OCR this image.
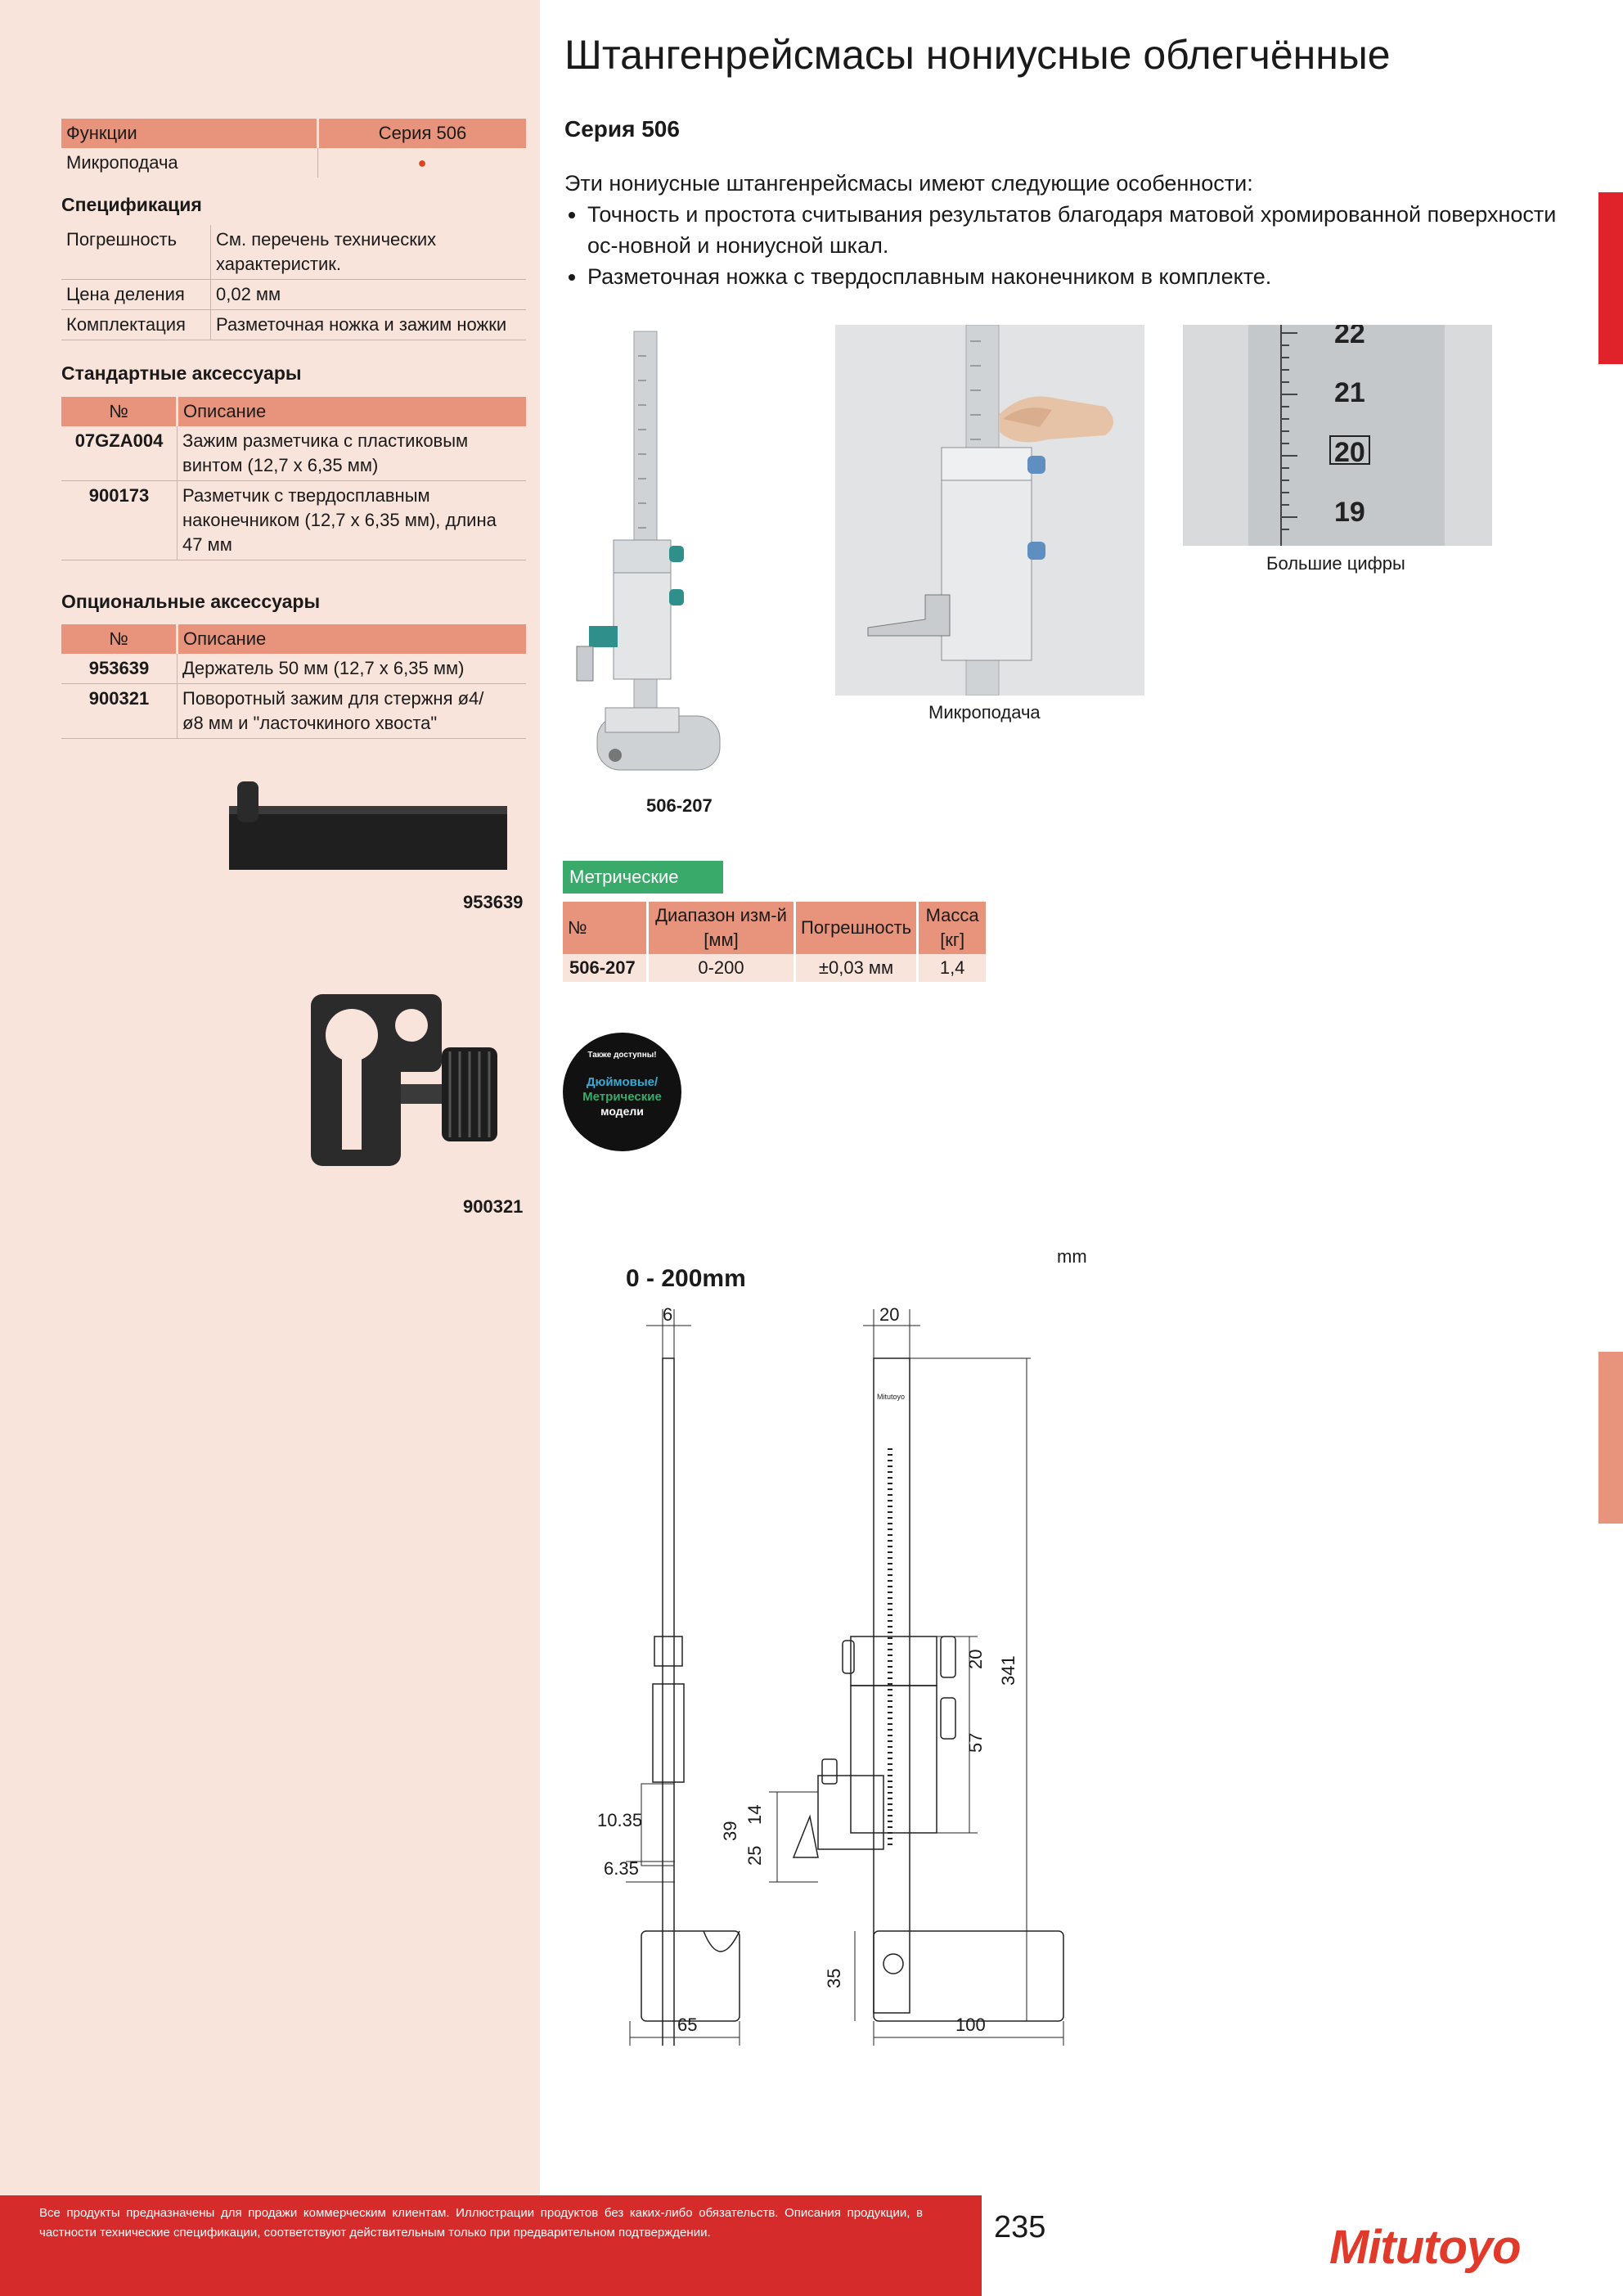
Функции	Серия 506
Микроподача	●
Спецификация
Погрешность	См. перечень технических характеристик.
Цена деления	0,02 мм
Комплектация	Разметочная ножка и зажим ножки
Стандартные аксессуары
№	Описание
07GZA004	Зажим разметчика с пластиковым винтом (12,7 x 6,35 мм)
900173	Разметчик с твердосплавным наконечником (12,7 x 6,35 мм), длина 47 мм
Опциональные аксессуары
№	Описание
953639	Держатель 50 мм (12,7 x 6,35 мм)
900321	Поворотный зажим для стержня ø4/ ø8 мм и "ласточкиного хвоста"
953639
900321
Штангенрейсмасы нониусные облегчённые
Серия 506
Эти нониусные штангенрейсмасы имеют следующие особенности:
• Точность и простота считывания результатов благодаря матовой хромированной поверхности ос-новной и нониусной шкал.
• Разметочная ножка с твердосплавным наконечником в комплекте.
506-207
Микроподача
22
21
20
19
Большие цифры
Метрические
№	Диапазон изм-й [мм]	Погрешность	Масса [кг]
506-207	0-200	±0,03 мм	1,4
Также доступны!
Дюймовые/
Метрические
модели
mm
0 - 200mm
6	20
341
20
57
14
39
25
10.35
6.35
35
65	100
Mitutoyo
Все продукты предназначены для продажи коммерческим клиентам. Иллюстрации продуктов без каких-либо обязательств. Описания продукции, в частности технические спецификации, соответствуют действительным только при предварительном подтверждении.	235	Mitutoyo
